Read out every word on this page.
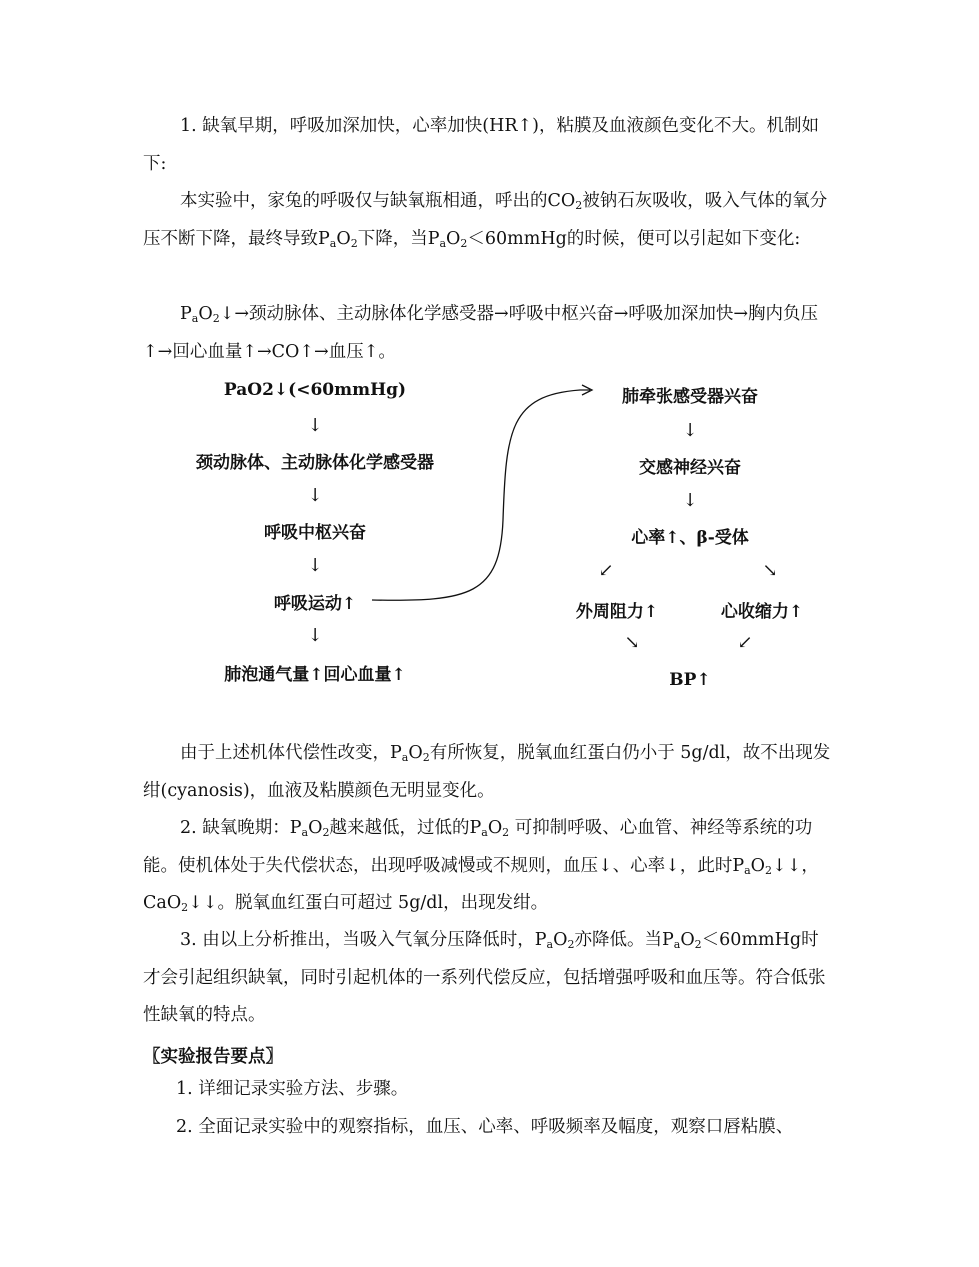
1. 缺氧早期，呼吸加深加快，心率加快(HR↑)，粘膜及血液颜色变化不大。机制如下:

本实验中，家兔的呼吸仅与缺氧瓶相通，呼出的$CO_2$被钠石灰吸收，吸入气体的氧分压不断下降，最终导致$P_aO_2$下降，当$P_aO_2<60mmHg$的时候，便可以引起如下变化:

$P_aO_2↓\to$颈动脉体、主动脉体化学感受器→呼吸中枢兴奋→呼吸加深加快→胸内负压↑→回心血量↑→CO↑→血压↑。

PaO2↓(<60mmHg)
↓
颈动脉体、主动脉体化学感受器
↓
呼吸中枢兴奋
↓
呼吸运动↑
↓
肺泡通气量↑回心血量↑
肺牵张感受器兴奋
↓
交感神经兴奋
↓
心率↑、β-受体
↙	↘
外周阻力↑	心收缩力↑
↘	↙
BP↑

由于上述机体代偿性改变，$P_aO_2$有所恢复，脱氧血红蛋白仍小于 5g/dl，故不出现发绀(cyanosis)，血液及粘膜颜色无明显变化。

2. 缺氧晚期：$P_aO_2$越来越低，过低的$P_aO_2$ 可抑制呼吸、心血管、神经等系统的功能。使机体处于失代偿状态，出现呼吸减慢或不规则，血压↓、心率↓，此时$P_aO_2↓↓$，CaO$_2$↓↓。脱氧血红蛋白可超过 5g/dl，出现发绀。

3. 由以上分析推出，当吸入气氧分压降低时，$P_aO_2$亦降低。当$P_aO_2<60mmHg$时才会引起组织缺氧，同时引起机体的一系列代偿反应，包括增强呼吸和血压等。符合低张性缺氧的特点。

〖实验报告要点〗
1. 详细记录实验方法、步骤。
2. 全面记录实验中的观察指标，血压、心率、呼吸频率及幅度，观察口唇粘膜、
